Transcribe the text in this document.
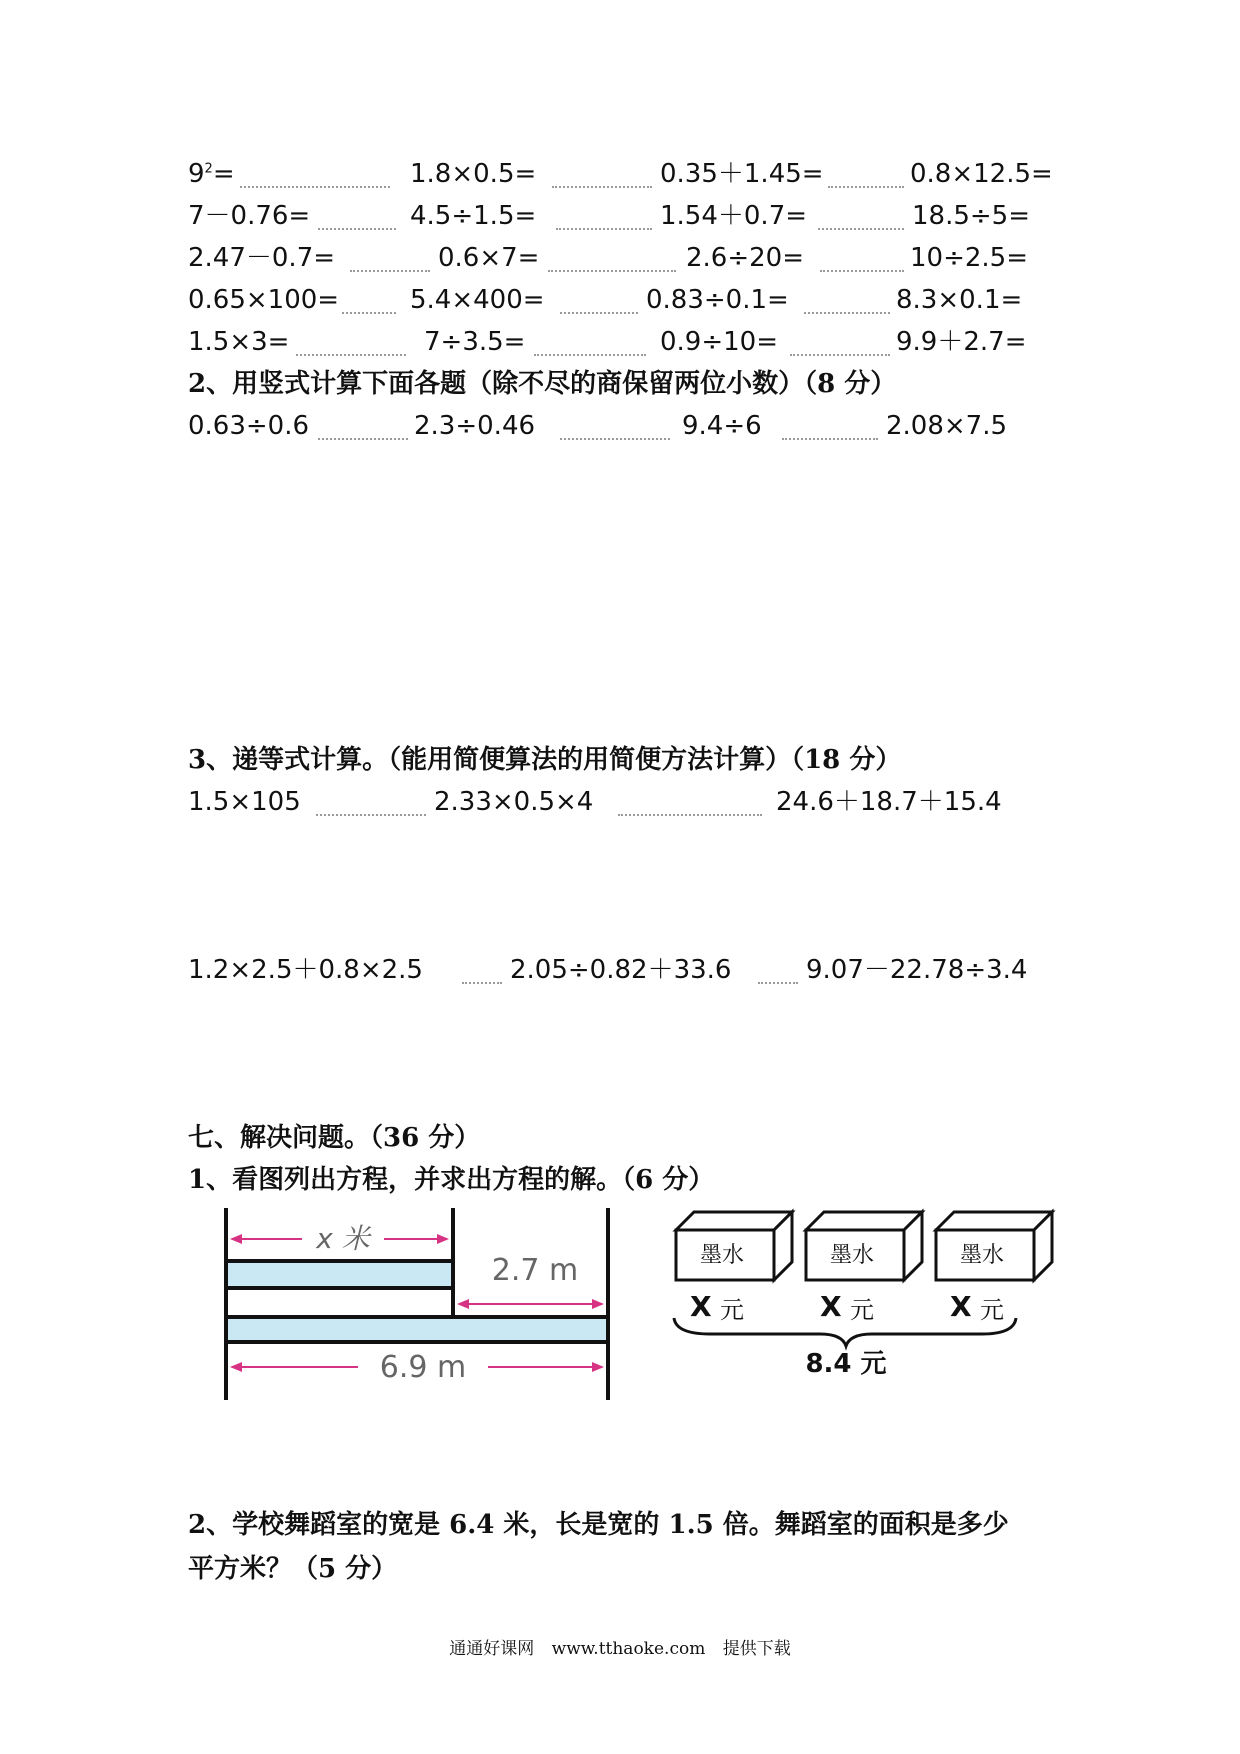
$9^2=$	1.8×0.5=	0.35＋1.45=	0.8×12.5=
7－0.76=	4.5÷1.5=	1.54＋0.7=	18.5÷5=
2.47－0.7=	0.6×7=	2.6÷20=	10÷2.5=
0.65×100=	5.4×400=	0.83÷0.1=	8.3×0.1=
1.5×3=	7÷3.5=	0.9÷10=	9.9＋2.7=
2、用竖式计算下面各题（除不尽的商保留两位小数）（8 分）
0.63÷0.6	2.3÷0.46	9.4÷6	2.08×7.5
3、递等式计算。（能用简便算法的用简便方法计算）（18 分）
1.5×105	2.33×0.5×4	24.6＋18.7＋15.4
1.2×2.5＋0.8×2.5	2.05÷0.82＋33.6	9.07－22.78÷3.4
七、解决问题。（36 分）
1、看图列出方程，并求出方程的解。（6 分）
x 米
2.7 m
6.9 m
墨水	墨水	墨水
X 元	X 元	X 元
8.4 元
2、学校舞蹈室的宽是 6.4 米，长是宽的 1.5 倍。舞蹈室的面积是多少
平方米？（5 分）
通通好课网 www.tthaoke.com 提供下载
